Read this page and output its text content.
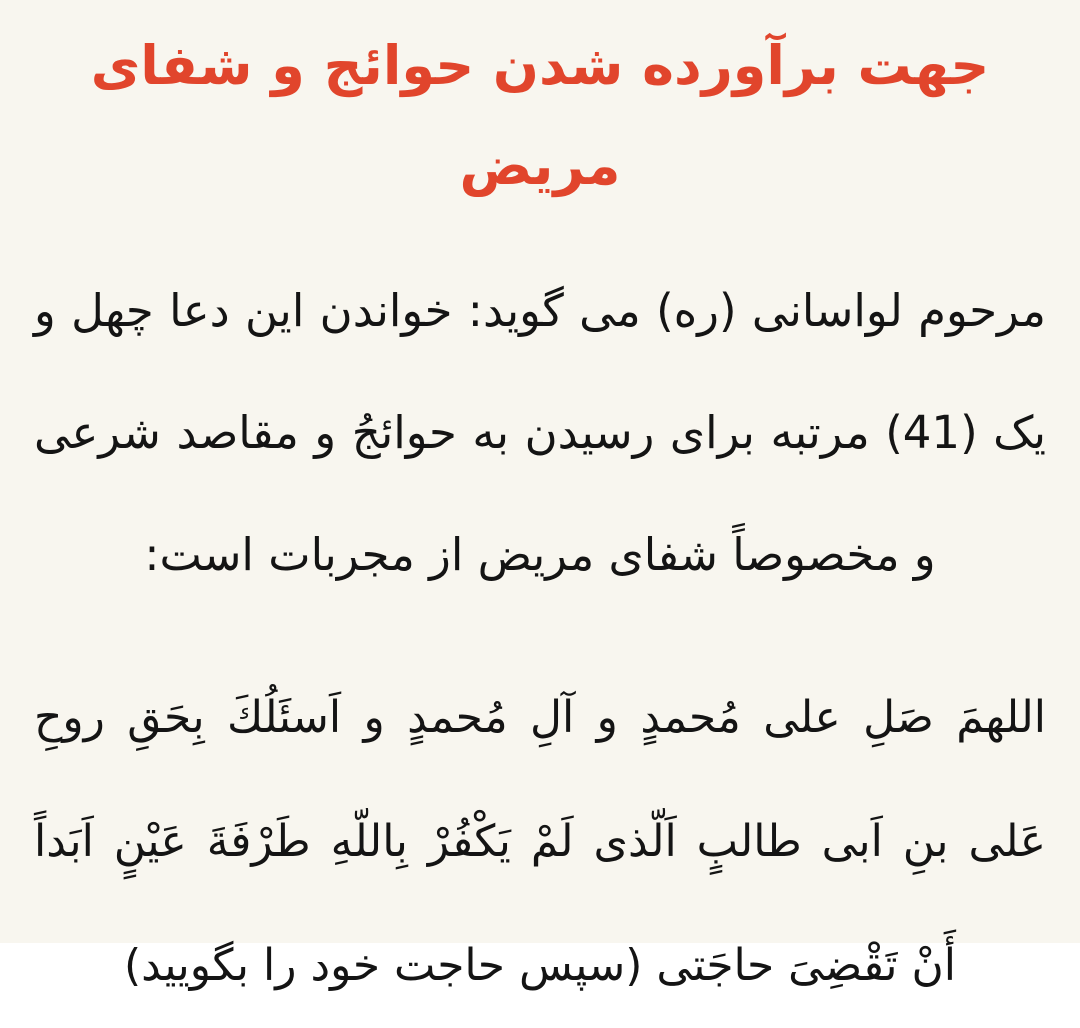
جهت برآورده شدن حوائج و شفای مریض

مرحوم لواسانی (ره) می گوید: خواندن این دعا چهل و

یک (41) مرتبه برای رسیدن به حوائجُ و مقاصد شرعی

و مخصوصاً شفای مریض از مجربات است:

اللهمَ صَلِ علی مُحمدٍ و آلِ مُحمدٍ و اَسئَلُكَ بِحَقِ روحِ

عَلی بنِ اَبی طالبٍ اَلّذی لَمْ يَكْفُرْ بِاللّهِ طَرْفَةَ عَيْنٍ اَبَداً

أَنْ تَقْضِیَ حاجَتی (سپس حاجت خود را بگویید)
